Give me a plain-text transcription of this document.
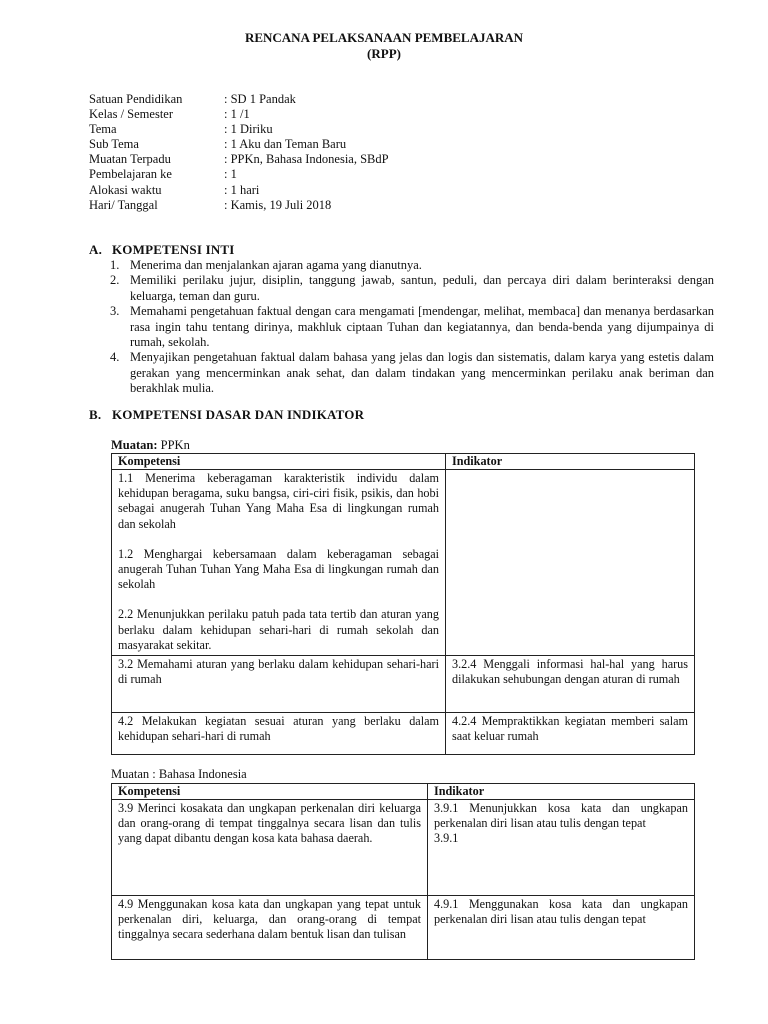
RENCANA PELAKSANAAN PEMBELAJARAN
(RPP)
Satuan Pendidikan	: SD 1 Pandak
Kelas / Semester	: 1 /1
Tema	: 1 Diriku
Sub Tema	: 1 Aku dan Teman Baru
Muatan Terpadu	: PPKn, Bahasa Indonesia, SBdP
Pembelajaran ke	: 1
Alokasi waktu	: 1 hari
Hari/ Tanggal	: Kamis, 19 Juli 2018
A. KOMPETENSI INTI
1. Menerima dan menjalankan ajaran agama yang dianutnya.
2. Memiliki perilaku jujur, disiplin, tanggung jawab, santun, peduli, dan percaya diri dalam berinteraksi dengan keluarga, teman dan guru.
3. Memahami pengetahuan faktual dengan cara mengamati [mendengar, melihat, membaca] dan menanya berdasarkan rasa ingin tahu tentang dirinya, makhluk ciptaan Tuhan dan kegiatannya, dan benda-benda yang dijumpainya di rumah, sekolah.
4. Menyajikan pengetahuan faktual dalam bahasa yang jelas dan logis dan sistematis, dalam karya yang estetis dalam gerakan yang mencerminkan anak sehat, dan dalam tindakan yang mencerminkan perilaku anak beriman dan berakhlak mulia.
B. KOMPETENSI DASAR DAN INDIKATOR
Muatan: PPKn
Kompetensi	Indikator

1.1 Menerima keberagaman karakteristik individu dalam kehidupan beragama, suku bangsa, ciri-ciri fisik, psikis, dan hobi sebagai anugerah Tuhan Yang Maha Esa di lingkungan rumah dan sekolah
1.2 Menghargai kebersamaan dalam keberagaman sebagai anugerah Tuhan Tuhan Yang Maha Esa di lingkungan rumah dan sekolah
2.2 Menunjukkan perilaku patuh pada tata tertib dan aturan yang berlaku dalam kehidupan sehari-hari di rumah sekolah dan masyarakat sekitar.	

3.2 Memahami aturan yang berlaku dalam kehidupan sehari-hari di rumah	3.2.4 Menggali informasi hal-hal yang harus dilakukan sehubungan dengan aturan di rumah
4.2 Melakukan kegiatan sesuai aturan yang berlaku dalam kehidupan sehari-hari di rumah	4.2.4 Mempraktikkan kegiatan memberi salam saat keluar rumah
Muatan : Bahasa Indonesia
Kompetensi	Indikator
3.9 Merinci kosakata dan ungkapan perkenalan diri keluarga dan orang-orang di tempat tinggalnya secara lisan dan tulis yang dapat dibantu dengan kosa kata bahasa daerah.	3.9.1 Menunjukkan kosa kata dan ungkapan perkenalan diri lisan atau tulis dengan tepat
3.9.1

4.9 Menggunakan kosa kata dan ungkapan yang tepat untuk perkenalan diri, keluarga, dan orang-orang di tempat tinggalnya secara sederhana dalam bentuk lisan dan tulisan	4.9.1 Menggunakan kosa kata dan ungkapan perkenalan diri lisan atau tulis dengan tepat
